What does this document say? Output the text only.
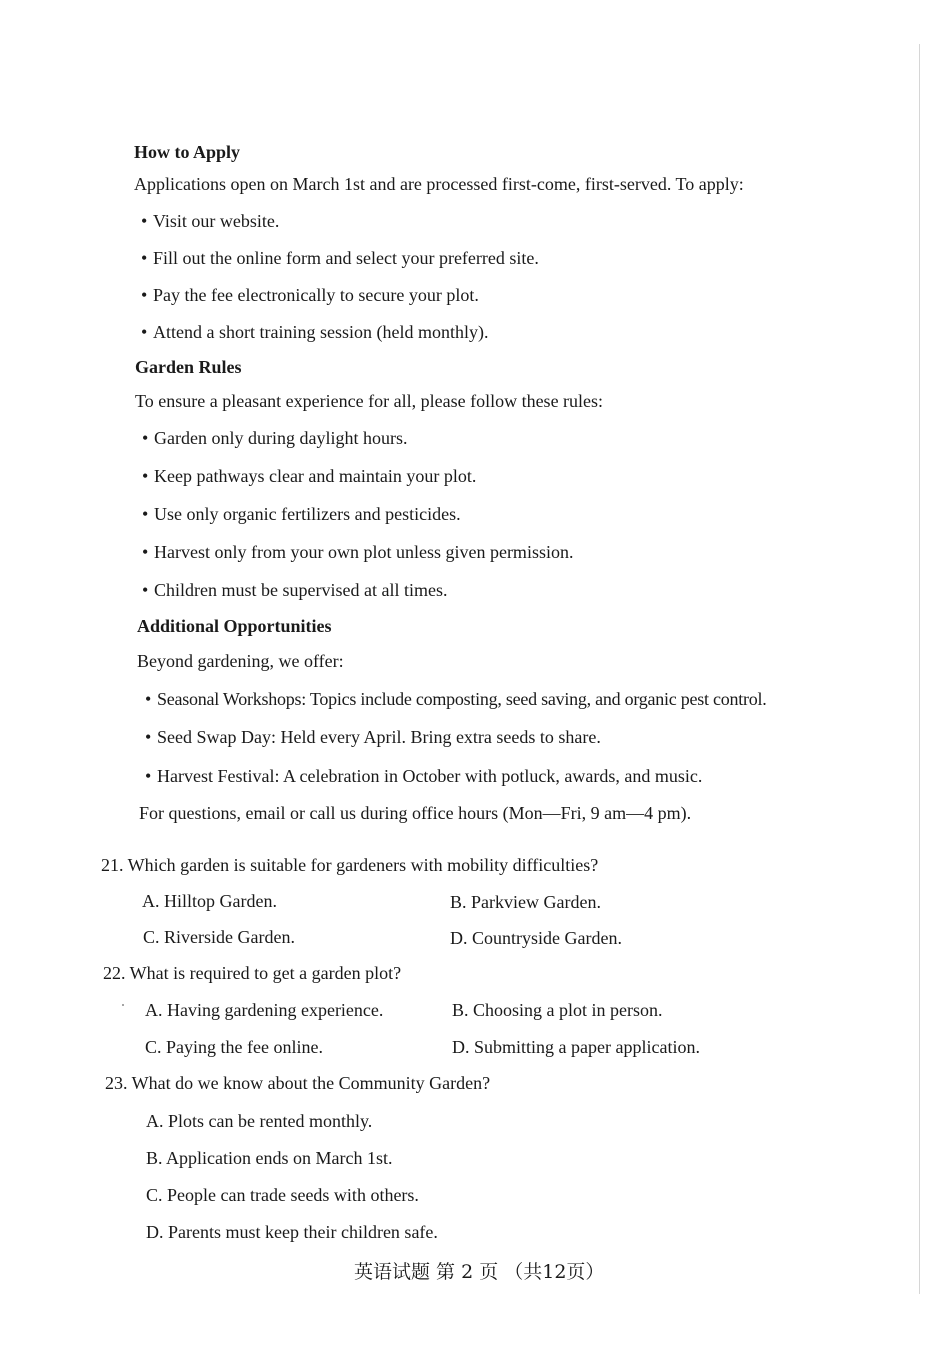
How to Apply
Applications open on March 1st and are processed first-come, first-served. To apply:
• Visit our website.
• Fill out the online form and select your preferred site.
• Pay the fee electronically to secure your plot.
• Attend a short training session (held monthly).
Garden Rules
To ensure a pleasant experience for all, please follow these rules:
• Garden only during daylight hours.
• Keep pathways clear and maintain your plot.
• Use only organic fertilizers and pesticides.
• Harvest only from your own plot unless given permission.
• Children must be supervised at all times.
Additional Opportunities
Beyond gardening, we offer:
• Seasonal Workshops: Topics include composting, seed saving, and organic pest control.
• Seed Swap Day: Held every April. Bring extra seeds to share.
• Harvest Festival: A celebration in October with potluck, awards, and music.
For questions, email or call us during office hours (Mon—Fri, 9 am—4 pm).
21. Which garden is suitable for gardeners with mobility difficulties?
A. Hilltop Garden.	B. Parkview Garden.
C. Riverside Garden.	D. Countryside Garden.
22. What is required to get a garden plot?
A. Having gardening experience.	B. Choosing a plot in person.
C. Paying the fee online.	D. Submitting a paper application.
23. What do we know about the Community Garden?
A. Plots can be rented monthly.
B. Application ends on March 1st.
C. People can trade seeds with others.
D. Parents must keep their children safe.
英语试题 第 2 页 （共12页）
